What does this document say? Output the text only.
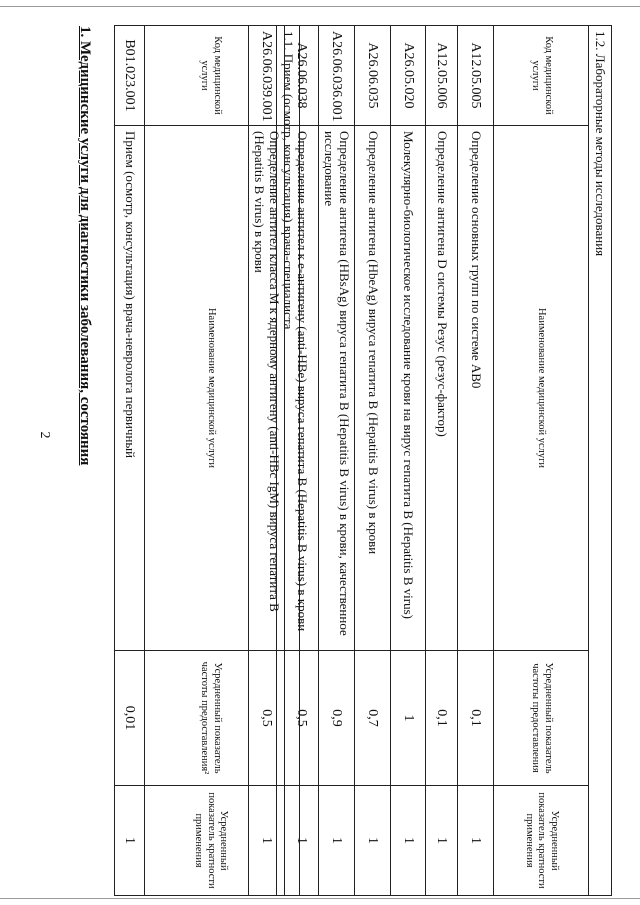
2 1. Медицинские услуги для диагностики заболевания, состояния	1.1. Прием (осмотр, консультация) врача-специалиста			
Код медицинской услуги	Наименование медицинской услуги	Усредненный показатель частоты предоставления²	Усредненный показатель кратности применения
В01.023.001	Прием (осмотр, консультация) врача-невролога первичный	0,01	1
1.2. Лабораторные методы исследования			
Код медицинской услуги	Наименование медицинской услуги	Усредненный показатель частоты предоставления	Усредненный показатель кратности применения
A12.05.005	Определение основных групп по системе AB0	0,1	1
A12.05.006	Определение антигена D системы Резус (резус-фактор)	0,1	1
A26.05.020	Молекулярно-биологическое исследование крови на вирус гепатита В (Hepatitis B virus)	1	1
A26.06.035	Определение антигена (HbeAg) вируса гепатита В (Hepatitis B virus) в крови	0,7	1
A26.06.036.001	Определение антигена (HBsAg) вируса гепатита В (Hepatitis B virus) в крови, качественное исследование	0,9	1
A26.06.038	Определение антител к е-антигену (anti-HBe) вируса гепатита В (Hepatitis B virus) в крови	0,5	1
A26.06.039.001	Определение антител класса М к ядерному антигену (anti-HBc IgM) вируса гепатита В (Hepatitis B virus) в крови	0,5	1
